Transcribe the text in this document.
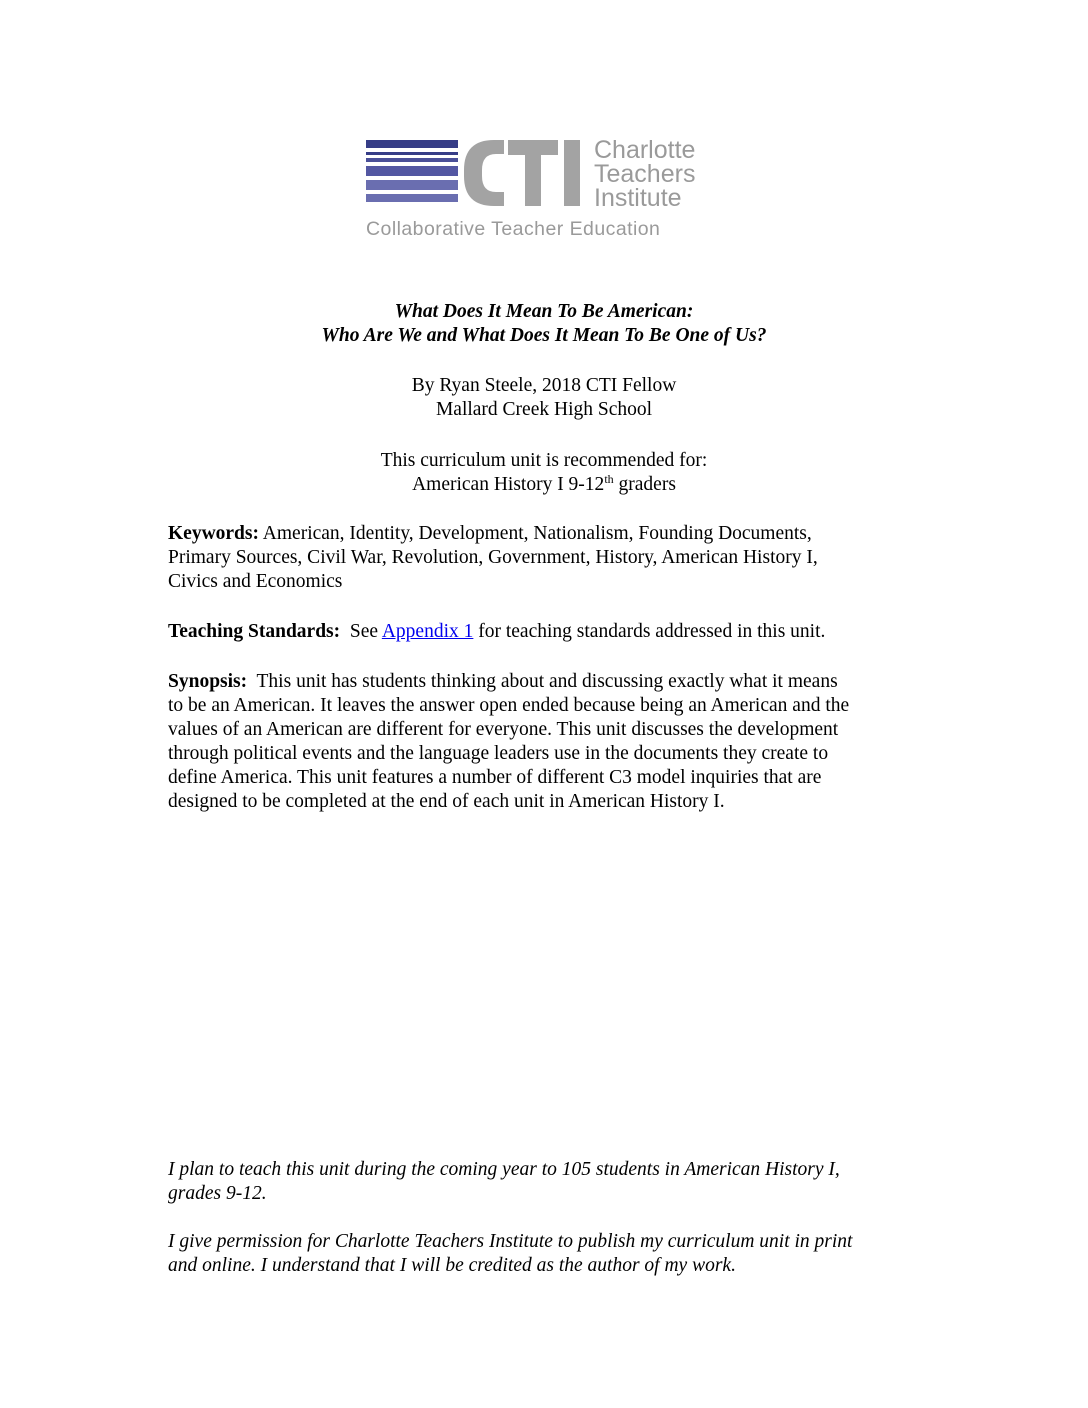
Charlotte
Teachers
Institute
Collaborative Teacher Education
What Does It Mean To Be American:
Who Are We and What Does It Mean To Be One of Us?
By Ryan Steele, 2018 CTI Fellow
Mallard Creek High School
This curriculum unit is recommended for:
American History I 9-12th graders
Keywords: American, Identity, Development, Nationalism, Founding Documents,
Primary Sources, Civil War, Revolution, Government, History, American History I,
Civics and Economics
Teaching Standards:  See Appendix 1 for teaching standards addressed in this unit.
Synopsis:  This unit has students thinking about and discussing exactly what it means
to be an American. It leaves the answer open ended because being an American and the
values of an American are different for everyone. This unit discusses the development
through political events and the language leaders use in the documents they create to
define America. This unit features a number of different C3 model inquiries that are
designed to be completed at the end of each unit in American History I.
I plan to teach this unit during the coming year to 105 students in American History I,
grades 9-12.
I give permission for Charlotte Teachers Institute to publish my curriculum unit in print
and online. I understand that I will be credited as the author of my work.
